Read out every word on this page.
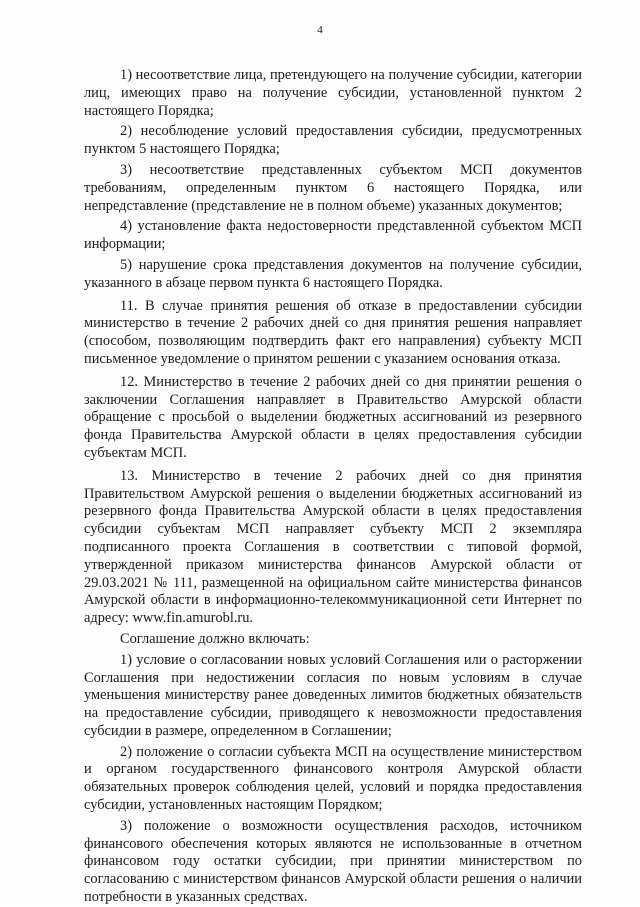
4

1) несоответствие лица, претендующего на получение субсидии, категории лиц, имеющих право на получение субсидии, установленной пунктом 2 настоящего Порядка;

2) несоблюдение условий предоставления субсидии, предусмотренных пунктом 5 настоящего Порядка;

3) несоответствие представленных субъектом МСП документов требованиям, определенным пунктом 6 настоящего Порядка, или непредставление (представление не в полном объеме) указанных документов;

4) установление факта недостоверности представленной субъектом МСП информации;

5) нарушение срока представления документов на получение субсидии, указанного в абзаце первом пункта 6 настоящего Порядка.

11. В случае принятия решения об отказе в предоставлении субсидии министерство в течение 2 рабочих дней со дня принятия решения направляет (способом, позволяющим подтвердить факт его направления) субъекту МСП письменное уведомление о принятом решении с указанием основания отказа.

12. Министерство в течение 2 рабочих дней со дня принятии решения о заключении Соглашения направляет в Правительство Амурской области обращение с просьбой о выделении бюджетных ассигнований из резервного фонда Правительства Амурской области в целях предоставления субсидии субъектам МСП.

13. Министерство в течение 2 рабочих дней со дня принятия Правительством Амурской решения о выделении бюджетных ассигнований из резервного фонда Правительства Амурской области в целях предоставления субсидии субъектам МСП направляет субъекту МСП 2 экземпляра подписанного проекта Соглашения в соответствии с типовой формой, утвержденной приказом министерства финансов Амурской области от 29.03.2021 № 111, размещенной на официальном сайте министерства финансов Амурской области в информационно-телекоммуникационной сети Интернет по адресу: www.fin.amurobl.ru.

Соглашение должно включать:

1) условие о согласовании новых условий Соглашения или о расторжении Соглашения при недостижении согласия по новым условиям в случае уменьшения министерству ранее доведенных лимитов бюджетных обязательств на предоставление субсидии, приводящего к невозможности предоставления субсидии в размере, определенном в Соглашении;

2) положение о согласии субъекта МСП на осуществление министерством и органом государственного финансового контроля Амурской области обязательных проверок соблюдения целей, условий и порядка предоставления субсидии, установленных настоящим Порядком;

3) положение о возможности осуществления расходов, источником финансового обеспечения которых являются не использованные в отчетном финансовом году остатки субсидии, при принятии министерством по согласованию с министерством финансов Амурской области решения о наличии потребности в указанных средствах.
